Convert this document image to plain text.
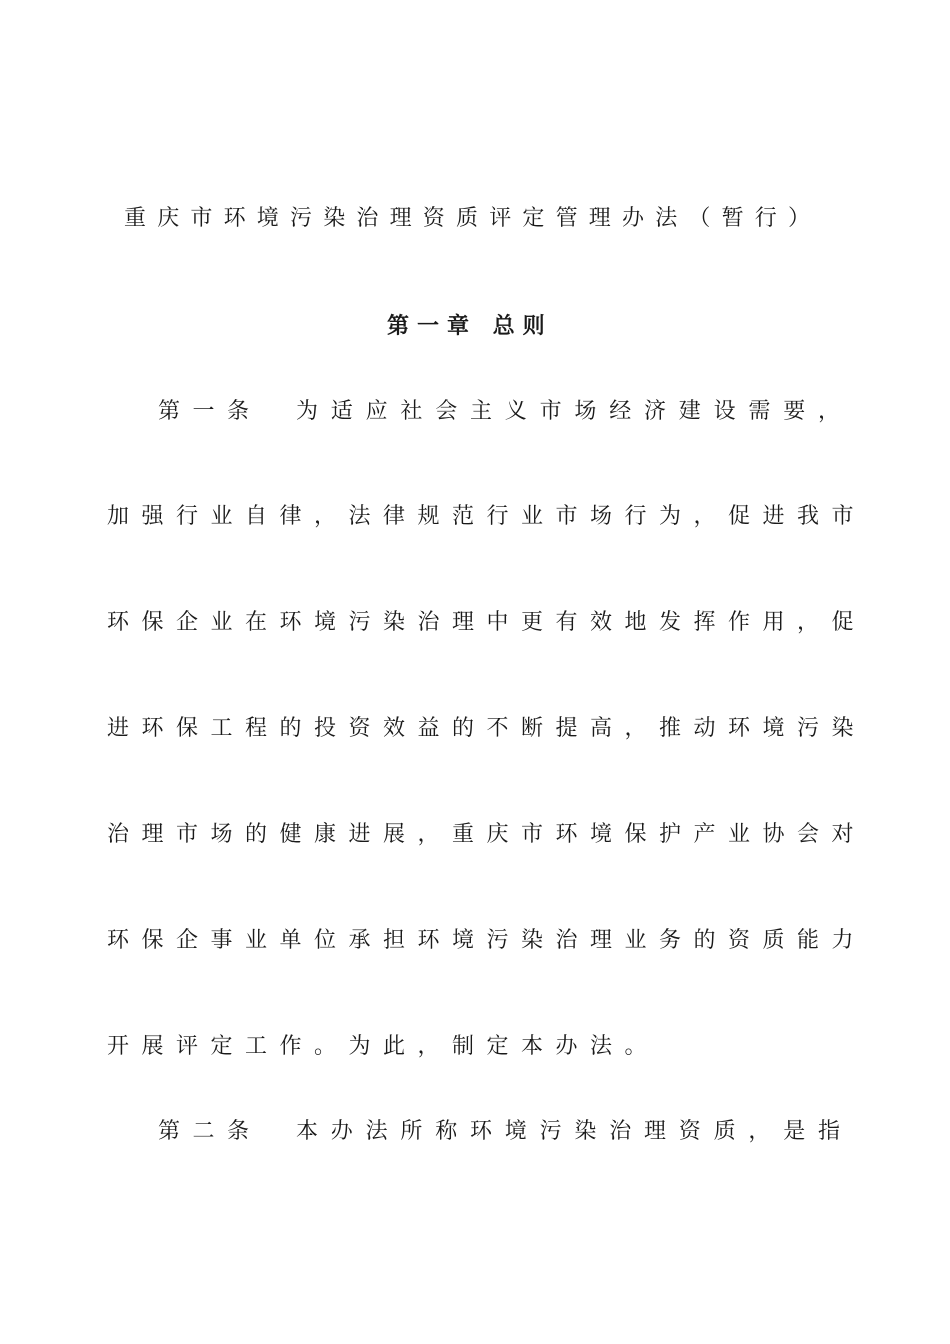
重庆市环境污染治理资质评定管理办法（暂行）
第一章 总则
第一条 为适应社会主义市场经济建设需要，
加强行业自律，法律规范行业市场行为，促进我市
环保企业在环境污染治理中更有效地发挥作用，促
进环保工程的投资效益的不断提高，推动环境污染
治理市场的健康进展，重庆市环境保护产业协会对
环保企事业单位承担环境污染治理业务的资质能力
开展评定工作。为此，制定本办法。
第二条 本办法所称环境污染治理资质，是指
